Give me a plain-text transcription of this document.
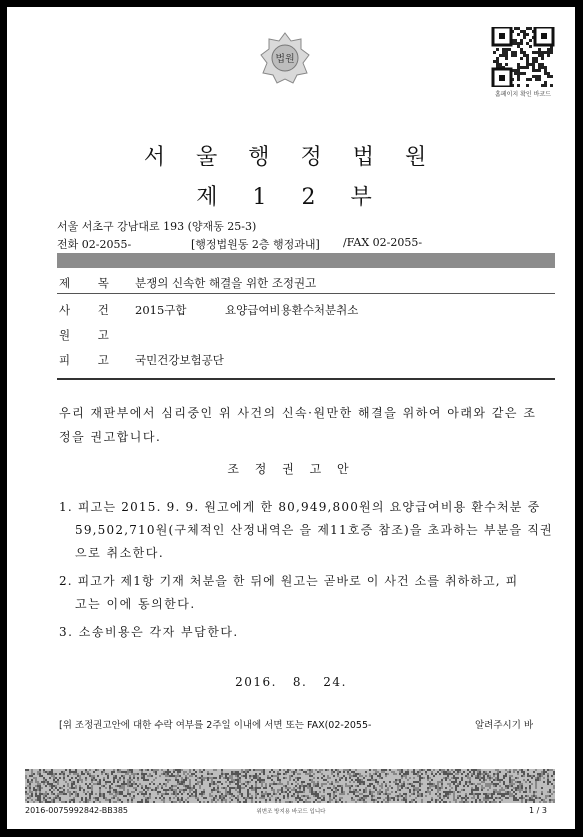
법원
홈페이지 확인 바코드
서 울 행 정 법 원
제 1 2 부
서울 서초구 강남대로 193 (양재동 25-3)
전화 02-2055-	[행정법원동 2층 행정과내] /FAX 02-2055-
제 목 분쟁의 신속한 해결을 위한 조정권고
사 건 2015구합	요양급여비용환수처분취소
원 고
피 고 국민건강보험공단
우리 재판부에서 심리중인 위 사건의 신속·원만한 해결을 위하여 아래와 같은 조
정을 권고합니다.
조 정 권 고 안
1. 피고는 2015. 9. 9. 원고에게 한 80,949,800원의 요양급여비용 환수처분 중
59,502,710원(구체적인 산정내역은 을 제11호증 참조)을 초과하는 부분을 직권
으로 취소한다.
2. 피고가 제1항 기재 처분을 한 뒤에 원고는 곧바로 이 사건 소를 취하하고, 피
고는 이에 동의한다.
3. 소송비용은 각자 부담한다.
2016.   8.   24.
[위 조정권고안에 대한 수락 여부를 2주일 이내에 서면 또는 FAX(02-2055-	알려주시기 바
2016-0075992842-BB385	위변조 방지용 바코드 입니다	1 / 3
